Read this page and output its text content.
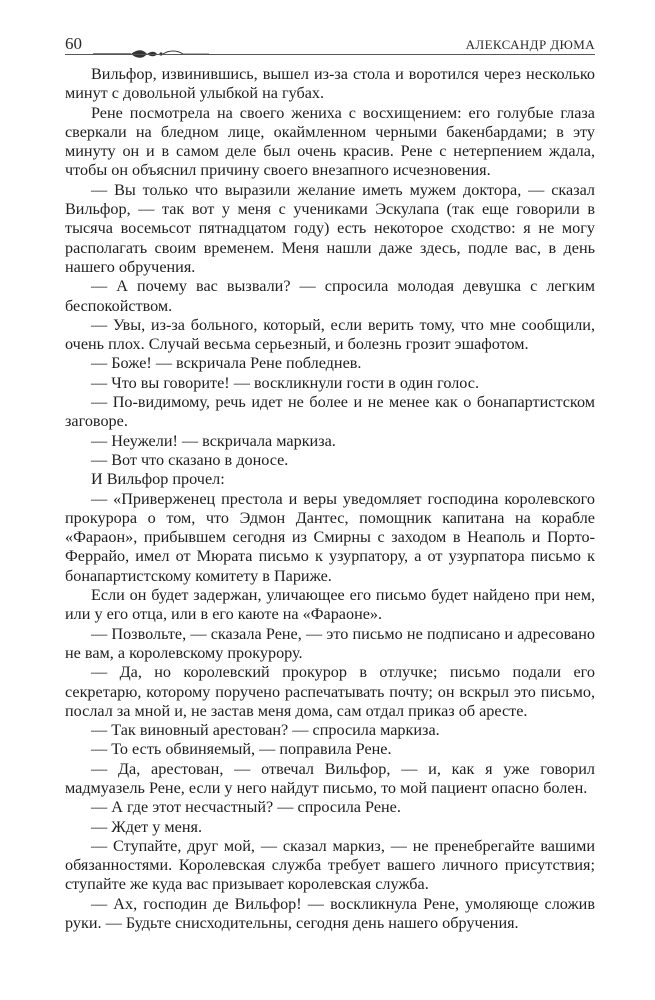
60	АЛЕКСАНДР ДЮМА

Вильфор, извинившись, вышел из-за стола и воротился через несколько минут с довольной улыбкой на губах.

Рене посмотрела на своего жениха с восхищением: его голубые глаза сверкали на бледном лице, окаймленном черными бакенбардами; в эту минуту он и в самом деле был очень красив. Рене с нетерпением ждала, чтобы он объяснил причину своего внезапного исчезновения.

— Вы только что выразили желание иметь мужем доктора, — сказал Вильфор, — так вот у меня с учениками Эскулапа (так еще говорили в тысяча восемьсот пятнадцатом году) есть некоторое сходство: я не могу располагать своим временем. Меня нашли даже здесь, подле вас, в день нашего обручения.

— А почему вас вызвали? — спросила молодая девушка с легким беспокойством.

— Увы, из-за больного, который, если верить тому, что мне сообщили, очень плох. Случай весьма серьезный, и болезнь грозит эшафотом.

— Боже! — вскричала Рене побледнев.

— Что вы говорите! — воскликнули гости в один голос.

— По-видимому, речь идет не более и не менее как о бонапартистском заговоре.

— Неужели! — вскричала маркиза.

— Вот что сказано в доносе.

И Вильфор прочел:

— «Приверженец престола и веры уведомляет господина королевского прокурора о том, что Эдмон Дантес, помощник капитана на корабле «Фараон», прибывшем сегодня из Смирны с заходом в Неаполь и Порто-Феррайо, имел от Мюрата письмо к узурпатору, а от узурпатора письмо к бонапартистскому комитету в Париже.

Если он будет задержан, уличающее его письмо будет найдено при нем, или у его отца, или в его каюте на «Фараоне».

— Позвольте, — сказала Рене, — это письмо не подписано и адресовано не вам, а королевскому прокурору.

— Да, но королевский прокурор в отлучке; письмо подали его секретарю, которому поручено распечатывать почту; он вскрыл это письмо, послал за мной и, не застав меня дома, сам отдал приказ об аресте.

— Так виновный арестован? — спросила маркиза.

— То есть обвиняемый, — поправила Рене.

— Да, арестован, — отвечал Вильфор, — и, как я уже говорил мадмуазель Рене, если у него найдут письмо, то мой пациент опасно болен.

— А где этот несчастный? — спросила Рене.

— Ждет у меня.

— Ступайте, друг мой, — сказал маркиз, — не пренебрегайте вашими обязанностями. Королевская служба требует вашего личного присутствия; ступайте же куда вас призывает королевская служба.

— Ах, господин де Вильфор! — воскликнула Рене, умоляюще сложив руки. — Будьте снисходительны, сегодня день нашего обручения.
